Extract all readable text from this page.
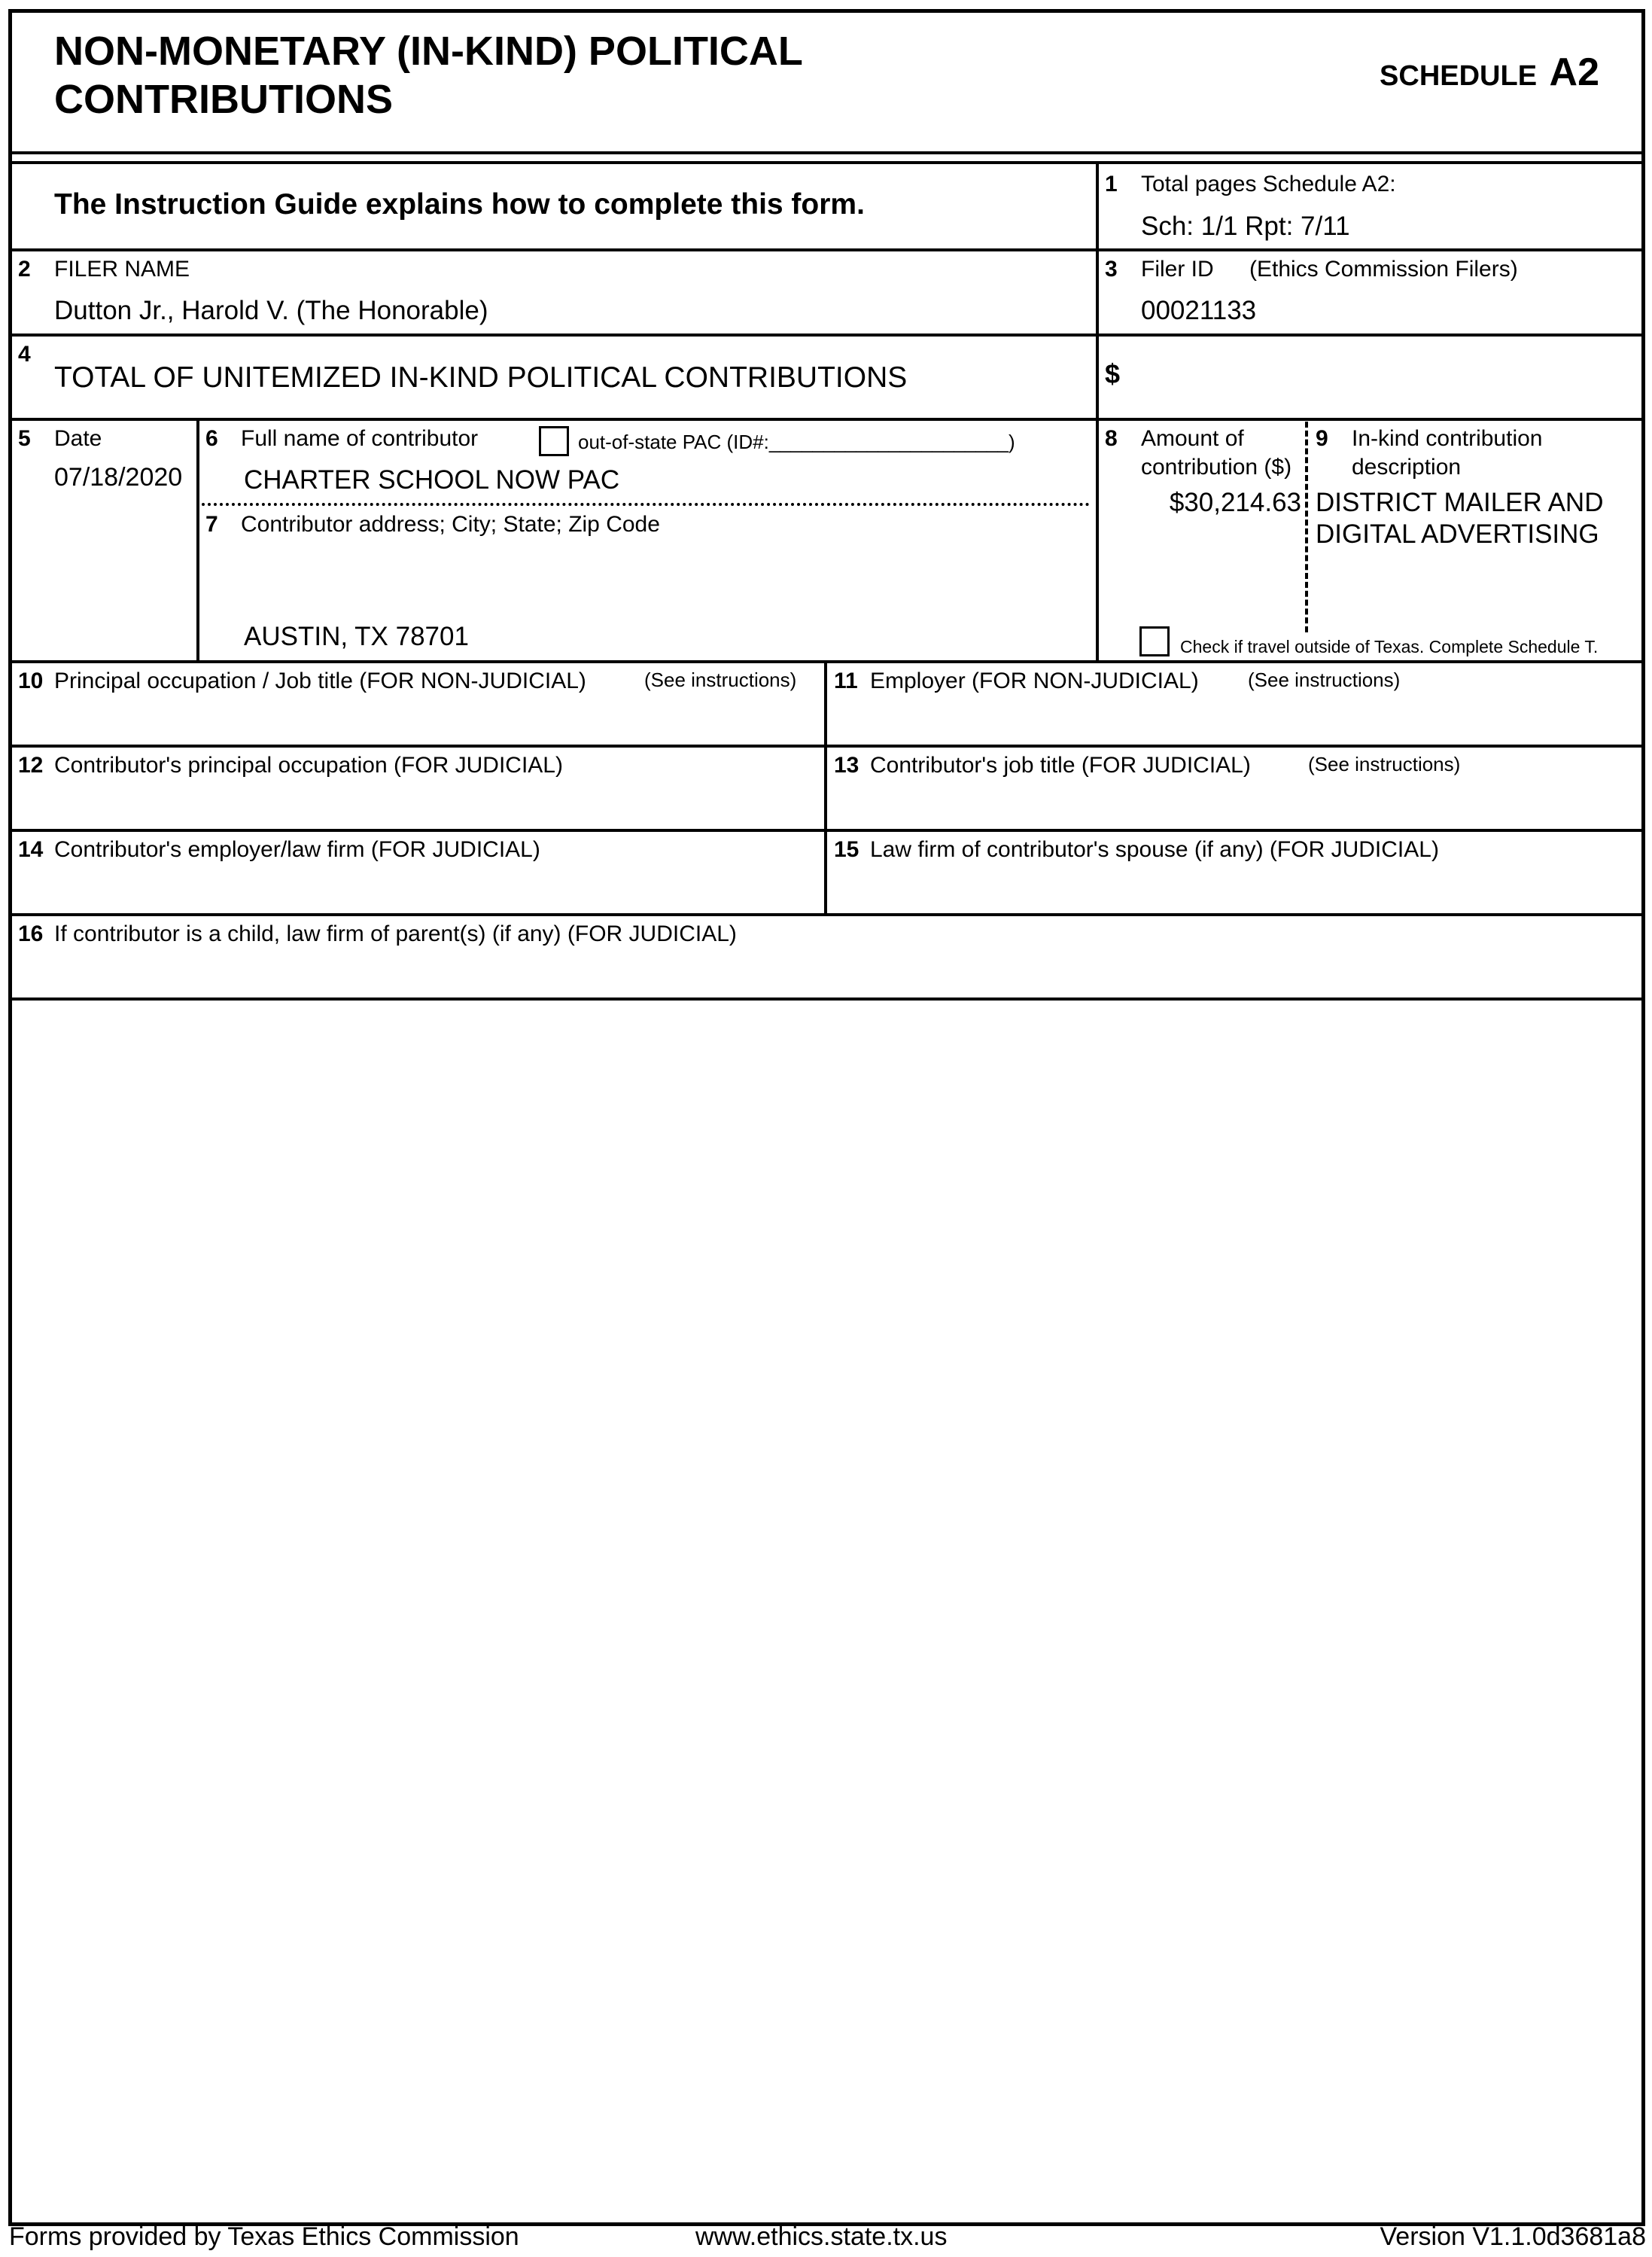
NON-MONETARY (IN-KIND) POLITICAL
CONTRIBUTIONS
SCHEDULE A2
The Instruction Guide explains how to complete this form.
1 Total pages Schedule A2:
Sch: 1/1 Rpt: 7/11
2 FILER NAME
Dutton Jr., Harold V. (The Honorable)
3 Filer ID (Ethics Commission Filers)
00021133
4
TOTAL OF UNITEMIZED IN-KIND POLITICAL CONTRIBUTIONS	$
5 Date
07/18/2020
6 Full name of contributor	out-of-state PAC (ID#:______________________)
CHARTER SCHOOL NOW PAC
7 Contributor address; City; State; Zip Code
AUSTIN, TX 78701
8 Amount of
contribution ($)
$30,214.63
9 In-kind contribution
description
DISTRICT MAILER AND
DIGITAL ADVERTISING
Check if travel outside of Texas. Complete Schedule T.
10 Principal occupation / Job title (FOR NON-JUDICIAL)	(See instructions) 11 Employer (FOR NON-JUDICIAL)	(See instructions)
12 Contributor's principal occupation (FOR JUDICIAL)	13 Contributor's job title (FOR JUDICIAL)	(See instructions)
14 Contributor's employer/law firm (FOR JUDICIAL)	15 Law firm of contributor's spouse (if any) (FOR JUDICIAL)
16 If contributor is a child, law firm of parent(s) (if any) (FOR JUDICIAL)
Forms provided by Texas Ethics Commission	www.ethics.state.tx.us	Version V1.1.0d3681a8
